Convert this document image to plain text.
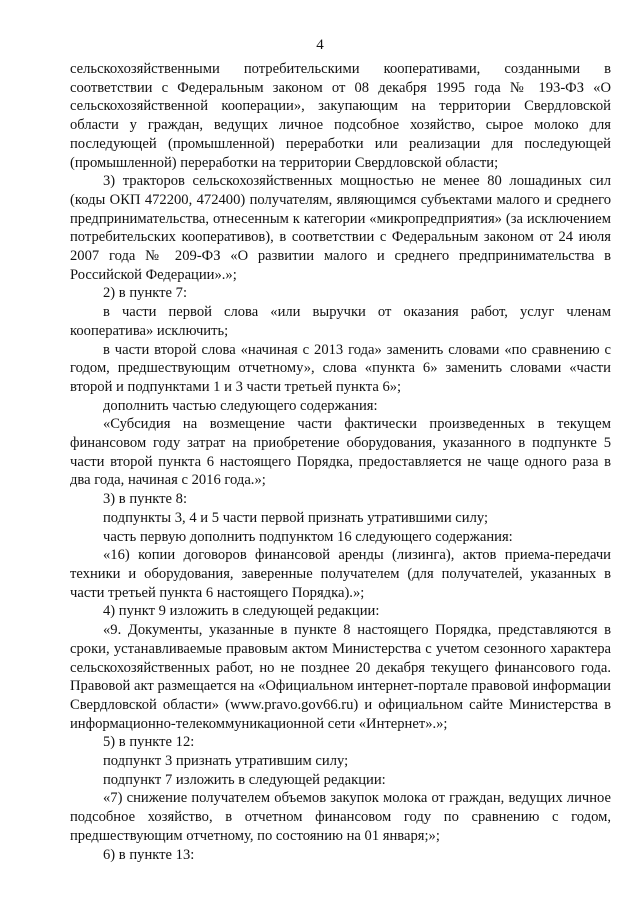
4

сельскохозяйственными потребительскими кооперативами, созданными в соответствии с Федеральным законом от 08 декабря 1995 года № 193-ФЗ «О сельскохозяйственной кооперации», закупающим на территории Свердловской области у граждан, ведущих личное подсобное хозяйство, сырое молоко для последующей (промышленной) переработки или реализации для последующей (промышленной) переработки на территории Свердловской области;

3) тракторов сельскохозяйственных мощностью не менее 80 лошадиных сил (коды ОКП 472200, 472400) получателям, являющимся субъектами малого и среднего предпринимательства, отнесенным к категории «микропредприятия» (за исключением потребительских кооперативов), в соответствии с Федеральным законом от 24 июля 2007 года № 209-ФЗ «О развитии малого и среднего предпринимательства в Российской Федерации».»;

2) в пункте 7:

в части первой слова «или выручки от оказания работ, услуг членам кооператива» исключить;

в части второй слова «начиная с 2013 года» заменить словами «по сравнению с годом, предшествующим отчетному», слова «пункта 6» заменить словами «части второй и подпунктами 1 и 3 части третьей пункта 6»;

дополнить частью следующего содержания:

«Субсидия на возмещение части фактически произведенных в текущем финансовом году затрат на приобретение оборудования, указанного в подпункте 5 части второй пункта 6 настоящего Порядка, предоставляется не чаще одного раза в два года, начиная с 2016 года.»;

3) в пункте 8:

подпункты 3, 4 и 5 части первой признать утратившими силу;

часть первую дополнить подпунктом 16 следующего содержания:

«16) копии договоров финансовой аренды (лизинга), актов приема-передачи техники и оборудования, заверенные получателем (для получателей, указанных в части третьей пункта 6 настоящего Порядка).»;

4) пункт 9 изложить в следующей редакции:

«9. Документы, указанные в пункте 8 настоящего Порядка, представляются в сроки, устанавливаемые правовым актом Министерства с учетом сезонного характера сельскохозяйственных работ, но не позднее 20 декабря текущего финансового года. Правовой акт размещается на «Официальном интернет-портале правовой информации Свердловской области» (www.pravo.gov66.ru) и официальном сайте Министерства в информационно-телекоммуникационной сети «Интернет».»;

5) в пункте 12:

подпункт 3 признать утратившим силу;

подпункт 7 изложить в следующей редакции:

«7) снижение получателем объемов закупок молока от граждан, ведущих личное подсобное хозяйство, в отчетном финансовом году по сравнению с годом, предшествующим отчетному, по состоянию на 01 января;»;

6) в пункте 13:
